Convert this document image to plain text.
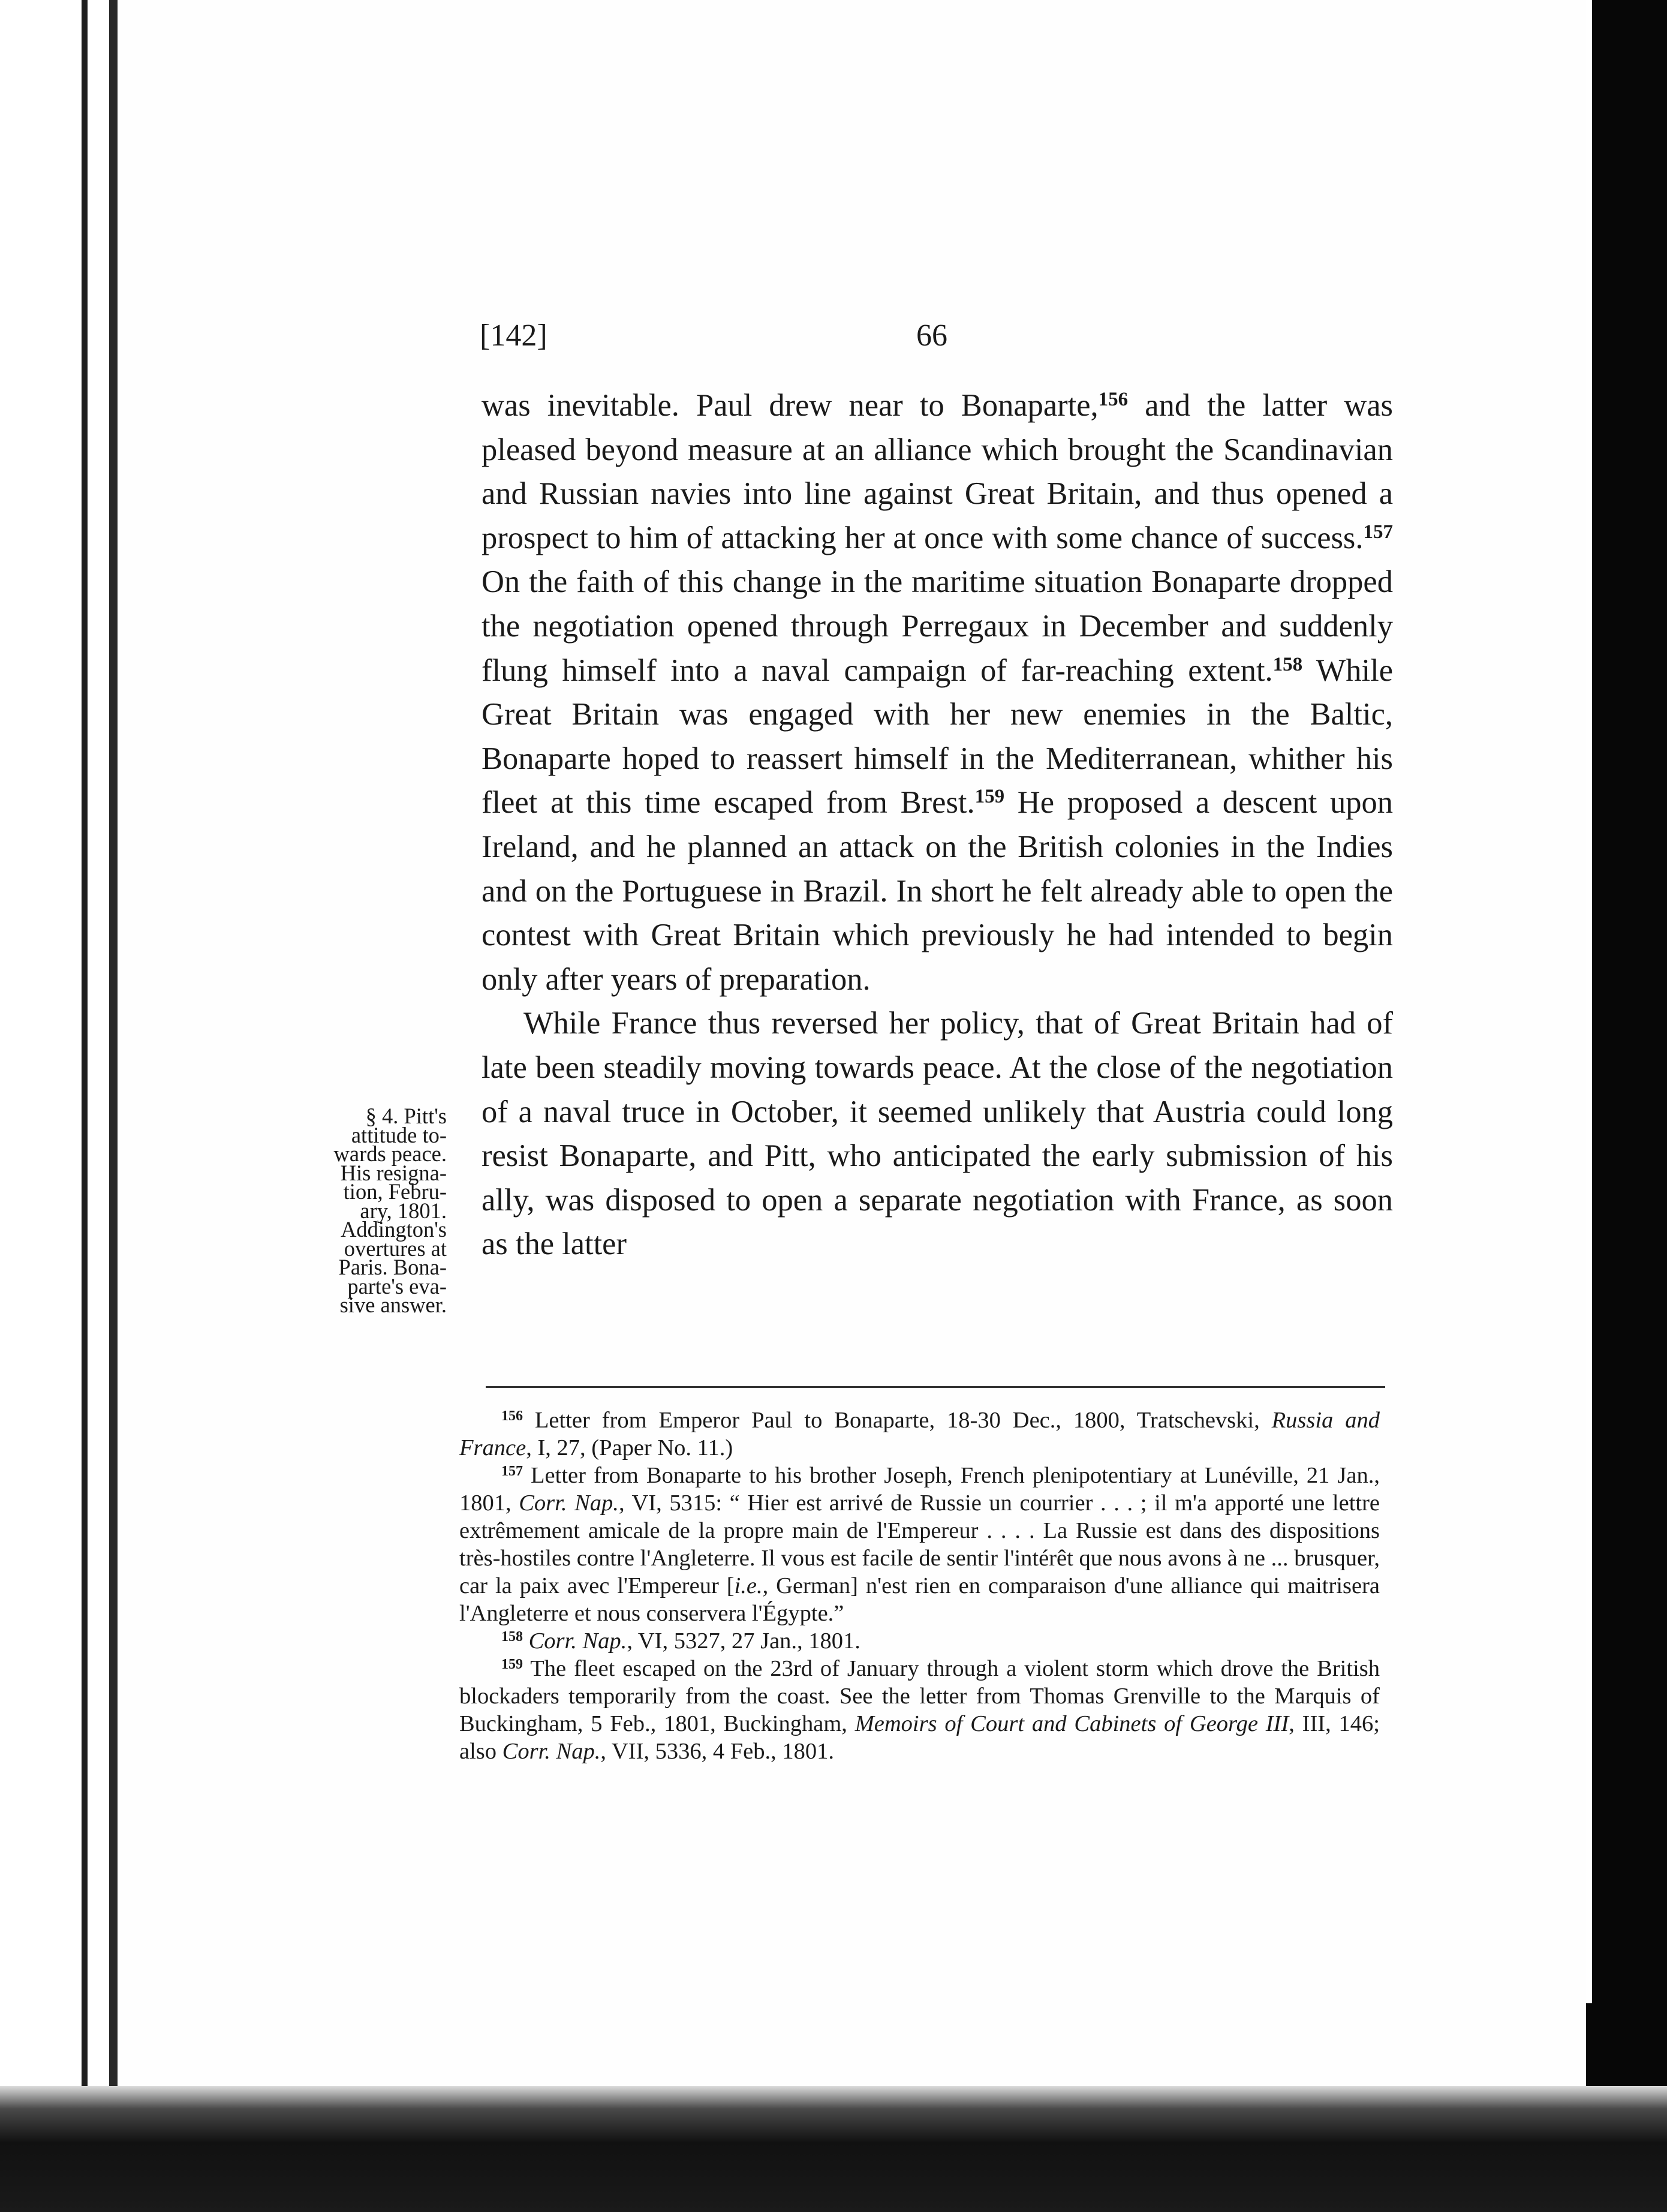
[142]	66

was inevitable. Paul drew near to Bonaparte,$^{156}$ and the latter was pleased beyond measure at an alliance which brought the Scandinavian and Russian navies into line against Great Britain, and thus opened a prospect to him of attacking her at once with some chance of success.$^{157}$ On the faith of this change in the maritime situation Bonaparte dropped the negotiation opened through Perregaux in December and suddenly flung himself into a naval campaign of far-reaching extent.$^{158}$ While Great Britain was engaged with her new enemies in the Baltic, Bonaparte hoped to reassert himself in the Mediterranean, whither his fleet at this time escaped from Brest.$^{159}$ He proposed a descent upon Ireland, and he planned an attack on the British colonies in the Indies and on the Portuguese in Brazil. In short he felt already able to open the contest with Great Britain which previously he had intended to begin only after years of preparation.

While France thus reversed her policy, that of Great Britain had of late been steadily moving towards peace. At the close of the negotiation of a naval truce in October, it seemed unlikely that Austria could long resist Bonaparte, and Pitt, who anticipated the early submission of his ally, was disposed to open a separate negotiation with France, as soon as the latter

§ 4. Pitt's
attitude to-
wards peace.
His resigna-
tion, Febru-
ary, 1801.
Addington's
overtures at
Paris. Bona-
parte's eva-
sive answer.

$^{156}$ Letter from Emperor Paul to Bonaparte, 18-30 Dec., 1800, Tratschevski, Russia and France, I, 27, (Paper No. 11.)

$^{157}$ Letter from Bonaparte to his brother Joseph, French plenipotentiary at Lunéville, 21 Jan., 1801, Corr. Nap., VI, 5315: “ Hier est arrivé de Russie un courrier . . . ; il m'a apporté une lettre extrêmement amicale de la propre main de l'Empereur . . . . La Russie est dans des dispositions très-hostiles contre l'Angleterre. Il vous est facile de sentir l'intérêt que nous avons à ne ... brusquer, car la paix avec l'Empereur [i.e., German] n'est rien en comparaison d'une alliance qui maitrisera l'Angleterre et nous conservera l'Égypte.”

$^{158}$ Corr. Nap., VI, 5327, 27 Jan., 1801.

$^{159}$ The fleet escaped on the 23rd of January through a violent storm which drove the British blockaders temporarily from the coast. See the letter from Thomas Grenville to the Marquis of Buckingham, 5 Feb., 1801, Buckingham, Memoirs of Court and Cabinets of George III, III, 146; also Corr. Nap., VII, 5336, 4 Feb., 1801.
